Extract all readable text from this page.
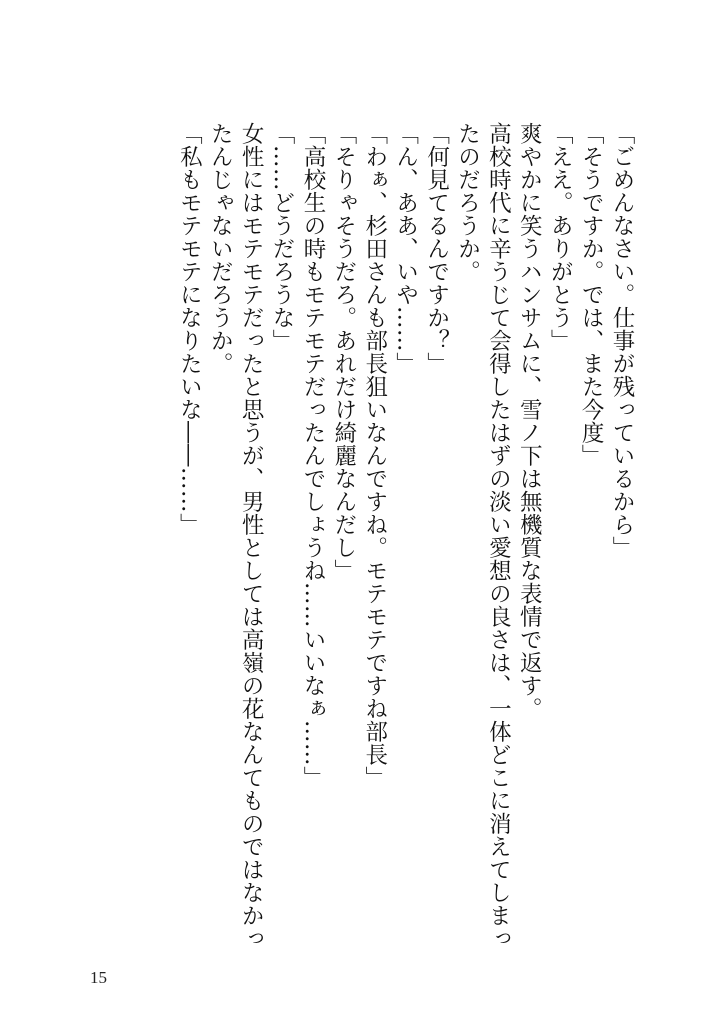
「ごめんなさい。仕事が残っているから」
「そうですか。では、また今度」
「ええ。ありがとう」
爽やかに笑うハンサムに、雪ノ下は無機質な表情で返す。
高校時代に辛うじて会得したはずの淡い愛想の良さは、一体どこに消えてしまっ
たのだろうか。
「何見てるんですか？」
「ん、ああ、いや……」
「わぁ、杉田さんも部長狙いなんですね。モテモテですね部長」
「そりゃそうだろ。あれだけ綺麗なんだし」
「高校生の時もモテモテだったんでしょうね……いいなぁ……」
「……どうだろうな」
女性にはモテモテだったと思うが、男性としては高嶺の花なんてものではなかっ
たんじゃないだろうか。
「私もモテモテになりたいな――……」
15
